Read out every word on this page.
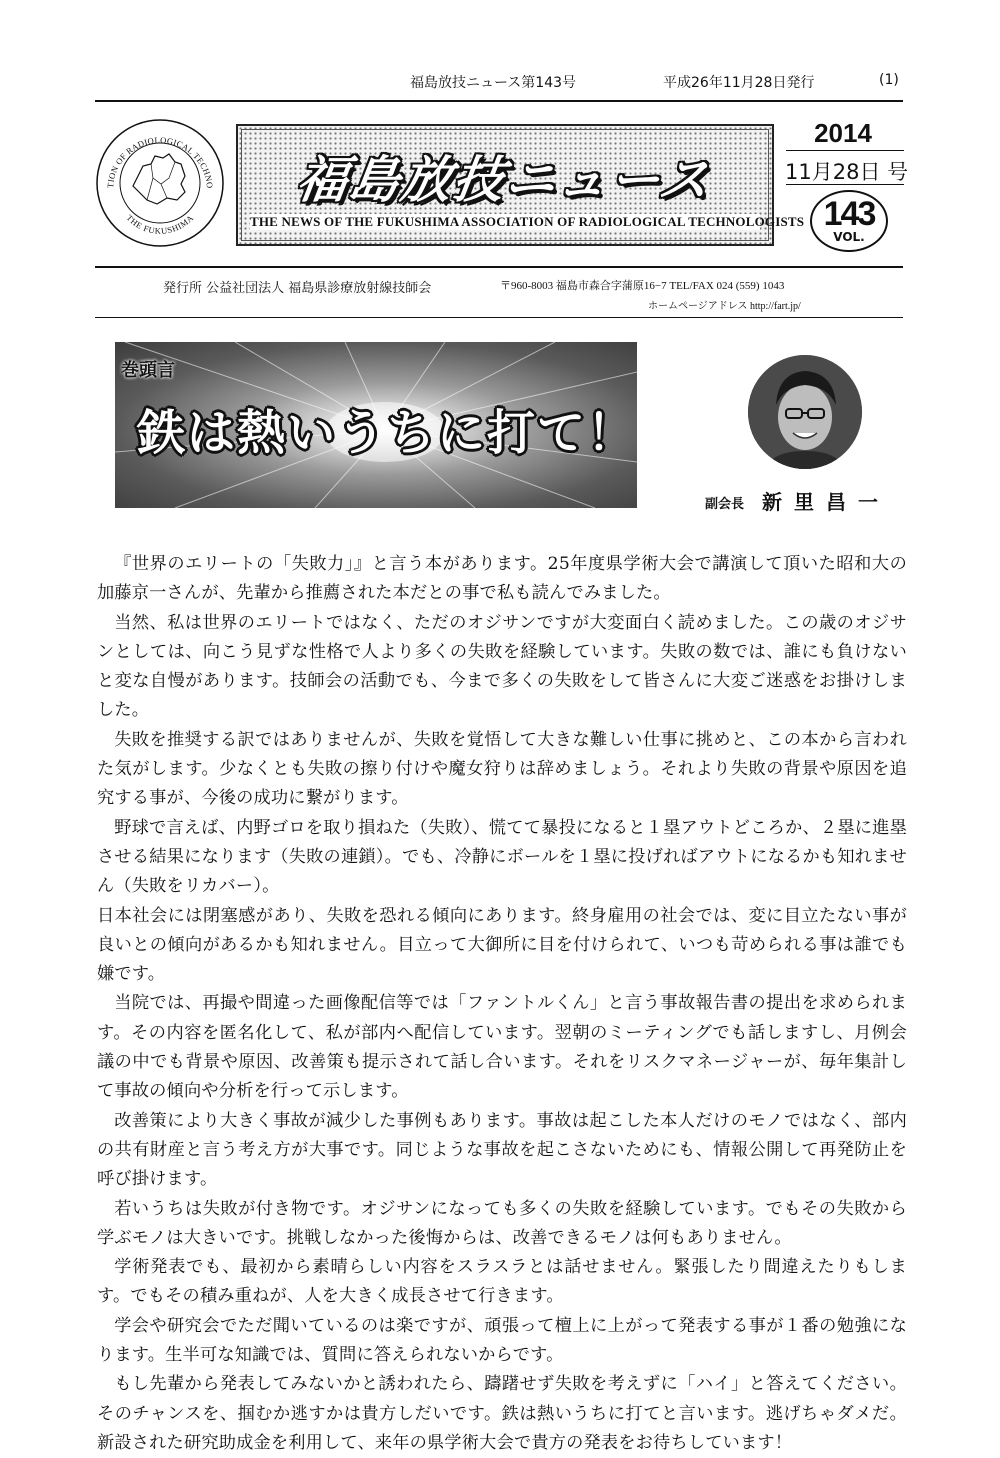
福島放技ニュース第143号	平成26年11月28日発行	(1)
TION OF RADIOLOGICAL TECHNO
THE FUKUSHIMA
福島放技ニュース
THE NEWS OF THE FUKUSHIMA ASSOCIATION OF RADIOLOGICAL TECHNOLOGISTS
2014
11月28日 号
143
VOL.
発行所 公益社団法人 福島県診療放射線技師会	〒960-8003 福島市森合字蒲原16−7 TEL/FAX 024 (559) 1043
ホームページアドレス http://fart.jp/
巻頭言
鉄は熱いうちに打て！
副会長 新里昌一

『世界のエリートの「失敗力」』と言う本があります。25年度県学術大会で講演して頂いた昭和大の加藤京一さんが、先輩から推薦された本だとの事で私も読んでみました。

当然、私は世界のエリートではなく、ただのオジサンですが大変面白く読めました。この歳のオジサンとしては、向こう見ずな性格で人より多くの失敗を経験しています。失敗の数では、誰にも負けないと変な自慢があります。技師会の活動でも、今まで多くの失敗をして皆さんに大変ご迷惑をお掛けしました。

失敗を推奨する訳ではありませんが、失敗を覚悟して大きな難しい仕事に挑めと、この本から言われた気がします。少なくとも失敗の擦り付けや魔女狩りは辞めましょう。それより失敗の背景や原因を追究する事が、今後の成功に繋がります。

野球で言えば、内野ゴロを取り損ねた（失敗）、慌てて暴投になると１塁アウトどころか、２塁に進塁させる結果になります（失敗の連鎖）。でも、冷静にボールを１塁に投げればアウトになるかも知れません（失敗をリカバー）。

日本社会には閉塞感があり、失敗を恐れる傾向にあります。終身雇用の社会では、変に目立たない事が良いとの傾向があるかも知れません。目立って大御所に目を付けられて、いつも苛められる事は誰でも嫌です。

当院では、再撮や間違った画像配信等では「ファントルくん」と言う事故報告書の提出を求められます。その内容を匿名化して、私が部内へ配信しています。翌朝のミーティングでも話しますし、月例会議の中でも背景や原因、改善策も提示されて話し合います。それをリスクマネージャーが、毎年集計して事故の傾向や分析を行って示します。

改善策により大きく事故が減少した事例もあります。事故は起こした本人だけのモノではなく、部内の共有財産と言う考え方が大事です。同じような事故を起こさないためにも、情報公開して再発防止を呼び掛けます。

若いうちは失敗が付き物です。オジサンになっても多くの失敗を経験しています。でもその失敗から学ぶモノは大きいです。挑戦しなかった後悔からは、改善できるモノは何もありません。

学術発表でも、最初から素晴らしい内容をスラスラとは話せません。緊張したり間違えたりもします。でもその積み重ねが、人を大きく成長させて行きます。

学会や研究会でただ聞いているのは楽ですが、頑張って檀上に上がって発表する事が１番の勉強になります。生半可な知識では、質問に答えられないからです。

もし先輩から発表してみないかと誘われたら、躊躇せず失敗を考えずに「ハイ」と答えてください。そのチャンスを、掴むか逃すかは貴方しだいです。鉄は熱いうちに打てと言います。逃げちゃダメだ。新設された研究助成金を利用して、来年の県学術大会で貴方の発表をお待ちしています！
